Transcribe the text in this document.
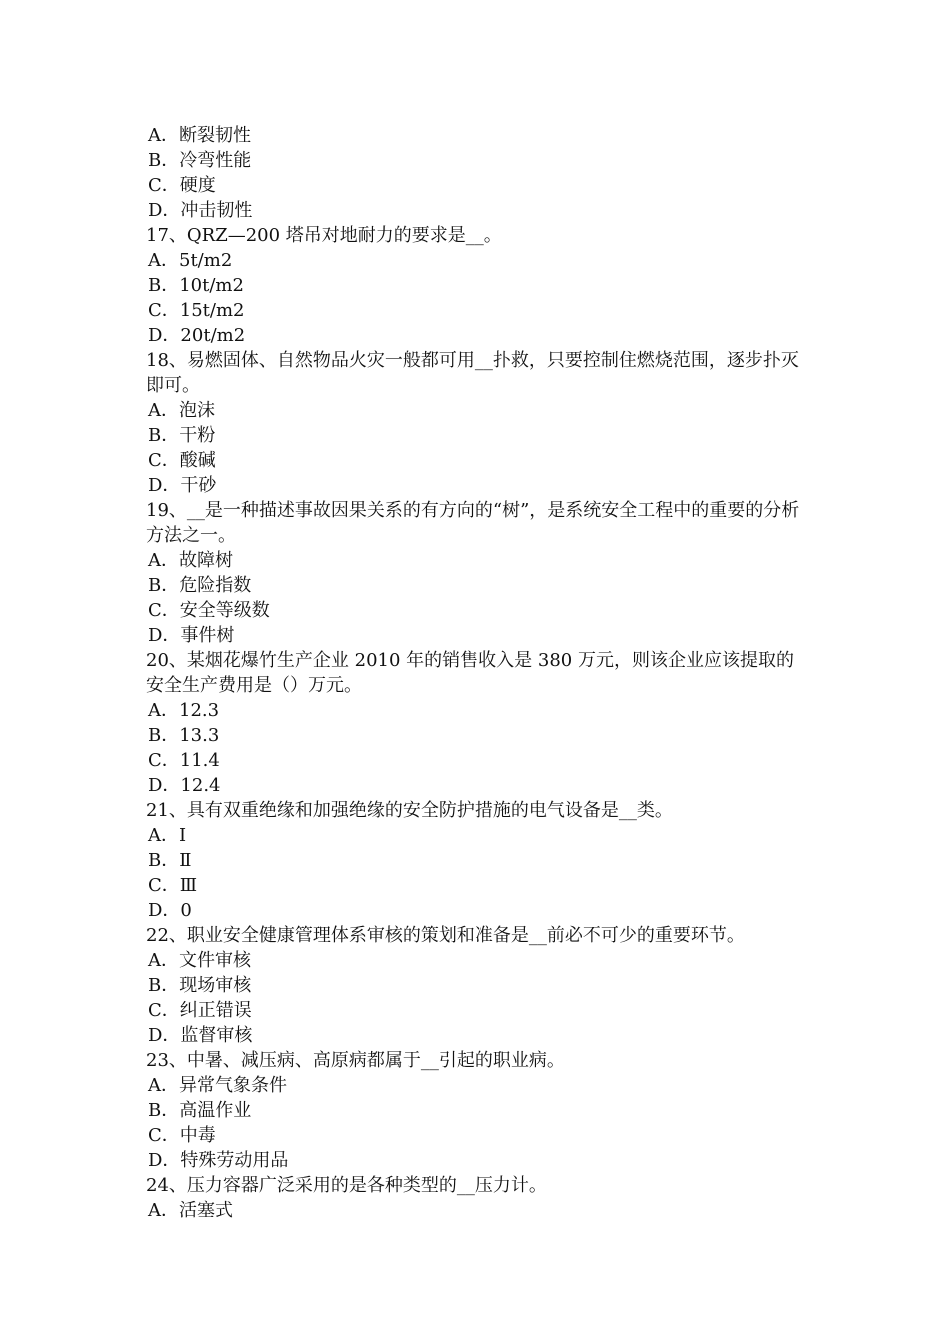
A．断裂韧性
B．冷弯性能
C．硬度
D．冲击韧性
17、QRZ—200 塔吊对地耐力的要求是__。
A．5t/m2
B．10t/m2
C．15t/m2
D．20t/m2
18、易燃固体、自然物品火灾一般都可用__扑救，只要控制住燃烧范围，逐步扑灭即可。
A．泡沫
B．干粉
C．酸碱
D．干砂
19、__是一种描述事故因果关系的有方向的“树”，是系统安全工程中的重要的分析方法之一。
A．故障树
B．危险指数
C．安全等级数
D．事件树
20、某烟花爆竹生产企业 2010 年的销售收入是 380 万元，则该企业应该提取的安全生产费用是（）万元。
A．12.3
B．13.3
C．11.4
D．12.4
21、具有双重绝缘和加强绝缘的安全防护措施的电气设备是__类。
A．Ⅰ
B．Ⅱ
C．Ⅲ
D．0
22、职业安全健康管理体系审核的策划和准备是__前必不可少的重要环节。
A．文件审核
B．现场审核
C．纠正错误
D．监督审核
23、中暑、减压病、高原病都属于__引起的职业病。
A．异常气象条件
B．高温作业
C．中毒
D．特殊劳动用品
24、压力容器广泛采用的是各种类型的__压力计。
A．活塞式
